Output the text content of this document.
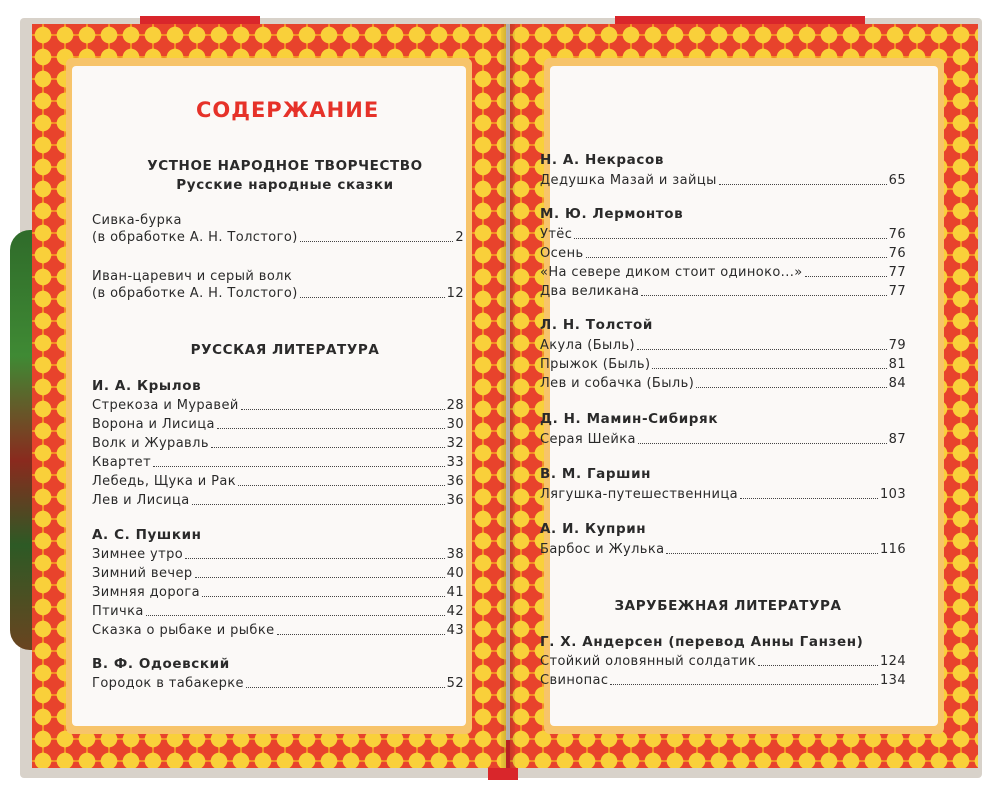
СОДЕРЖАНИЕ
УСТНОЕ НАРОДНОЕ ТВОРЧЕСТВО
Русские народные сказки
Сивка-бурка
(в обработке А. Н. Толстого)	2
Иван-царевич и серый волк
(в обработке А. Н. Толстого)	12
РУССКАЯ ЛИТЕРАТУРА
И. А. Крылов
Стрекоза и Муравей	28
Ворона и Лисица	30
Волк и Журавль	32
Квартет	33
Лебедь, Щука и Рак	36
Лев и Лисица	36
А. С. Пушкин
Зимнее утро	38
Зимний вечер	40
Зимняя дорога	41
Птичка	42
Сказка о рыбаке и рыбке	43
В. Ф. Одоевский
Городок в табакерке	52
Н. А. Некрасов
Дедушка Мазай и зайцы	65
М. Ю. Лермонтов
Утёс	76
Осень	76
«На севере диком стоит одиноко...»	77
Два великана	77
Л. Н. Толстой
Акула (Быль)	79
Прыжок (Быль)	81
Лев и собачка (Быль)	84
Д. Н. Мамин-Сибиряк
Серая Шейка	87
В. М. Гаршин
Лягушка-путешественница	103
А. И. Куприн
Барбос и Жулька	116
ЗАРУБЕЖНАЯ ЛИТЕРАТУРА
Г. Х. Андерсен (перевод Анны Ганзен)
Стойкий оловянный солдатик	124
Свинопас	134
